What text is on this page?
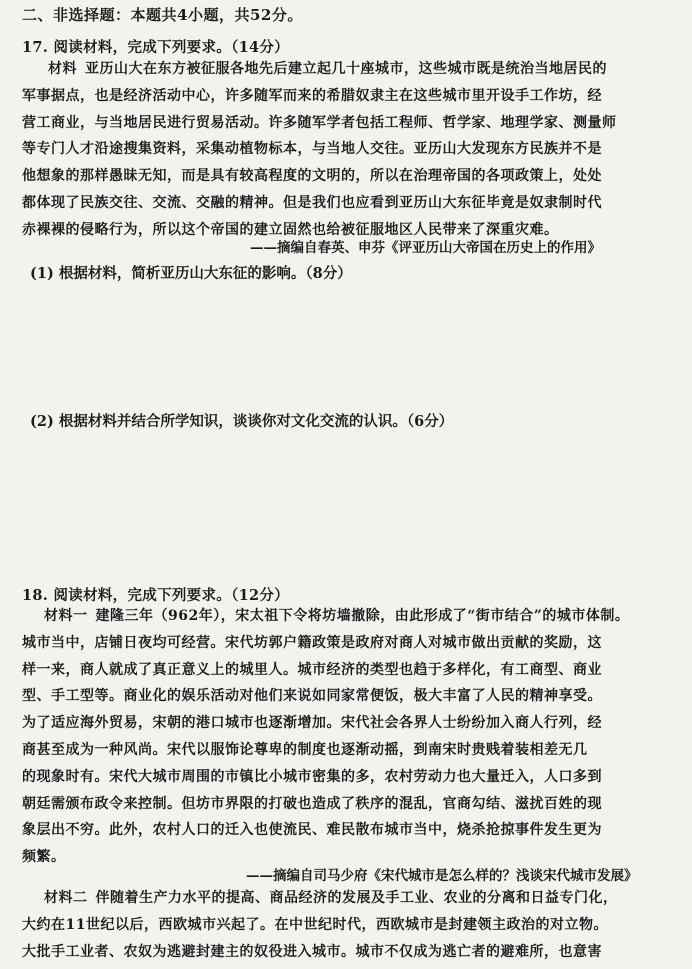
二、非选择题：本题共4小题，共52分。
17. 阅读材料，完成下列要求。（14分）

材料 亚历山大在东方被征服各地先后建立起几十座城市，这些城市既是统治当地居民的

军事据点，也是经济活动中心，许多随军而来的希腊奴隶主在这些城市里开设手工作坊，经

营工商业，与当地居民进行贸易活动。许多随军学者包括工程师、哲学家、地理学家、测量师

等专门人才沿途搜集资料，采集动植物标本，与当地人交往。亚历山大发现东方民族并不是

他想象的那样愚昧无知，而是具有较高程度的文明的，所以在治理帝国的各项政策上，处处

都体现了民族交往、交流、交融的精神。但是我们也应看到亚历山大东征毕竟是奴隶制时代

赤裸裸的侵略行为，所以这个帝国的建立固然也给被征服地区人民带来了深重灾难。

——摘编自春英、申芬《评亚历山大帝国在历史上的作用》
(1) 根据材料，简析亚历山大东征的影响。（8分）
(2) 根据材料并结合所学知识，谈谈你对文化交流的认识。（6分）
18. 阅读材料，完成下列要求。（12分）

材料一 建隆三年（962年），宋太祖下令将坊墙撤除，由此形成了“街市结合”的城市体制。

城市当中，店铺日夜均可经营。宋代坊郭户籍政策是政府对商人对城市做出贡献的奖励，这

样一来，商人就成了真正意义上的城里人。城市经济的类型也趋于多样化，有工商型、商业

型、手工型等。商业化的娱乐活动对他们来说如同家常便饭，极大丰富了人民的精神享受。

为了适应海外贸易，宋朝的港口城市也逐渐增加。宋代社会各界人士纷纷加入商人行列，经

商甚至成为一种风尚。宋代以服饰论尊卑的制度也逐渐动摇，到南宋时贵贱着装相差无几

的现象时有。宋代大城市周围的市镇比小城市密集的多，农村劳动力也大量迁入，人口多到

朝廷需颁布政令来控制。但坊市界限的打破也造成了秩序的混乱，官商勾结、滋扰百姓的现

象层出不穷。此外，农村人口的迁入也使流民、难民散布城市当中，烧杀抢掠事件发生更为

频繁。

——摘编自司马少府《宋代城市是怎么样的？浅谈宋代城市发展》

材料二 伴随着生产力水平的提高、商品经济的发展及手工业、农业的分离和日益专门化，

大约在11世纪以后，西欧城市兴起了。在中世纪时代，西欧城市是封建领主政治的对立物。

大批手工业者、农奴为逃避封建主的奴役进入城市。城市不仅成为逃亡者的避难所，也意害
